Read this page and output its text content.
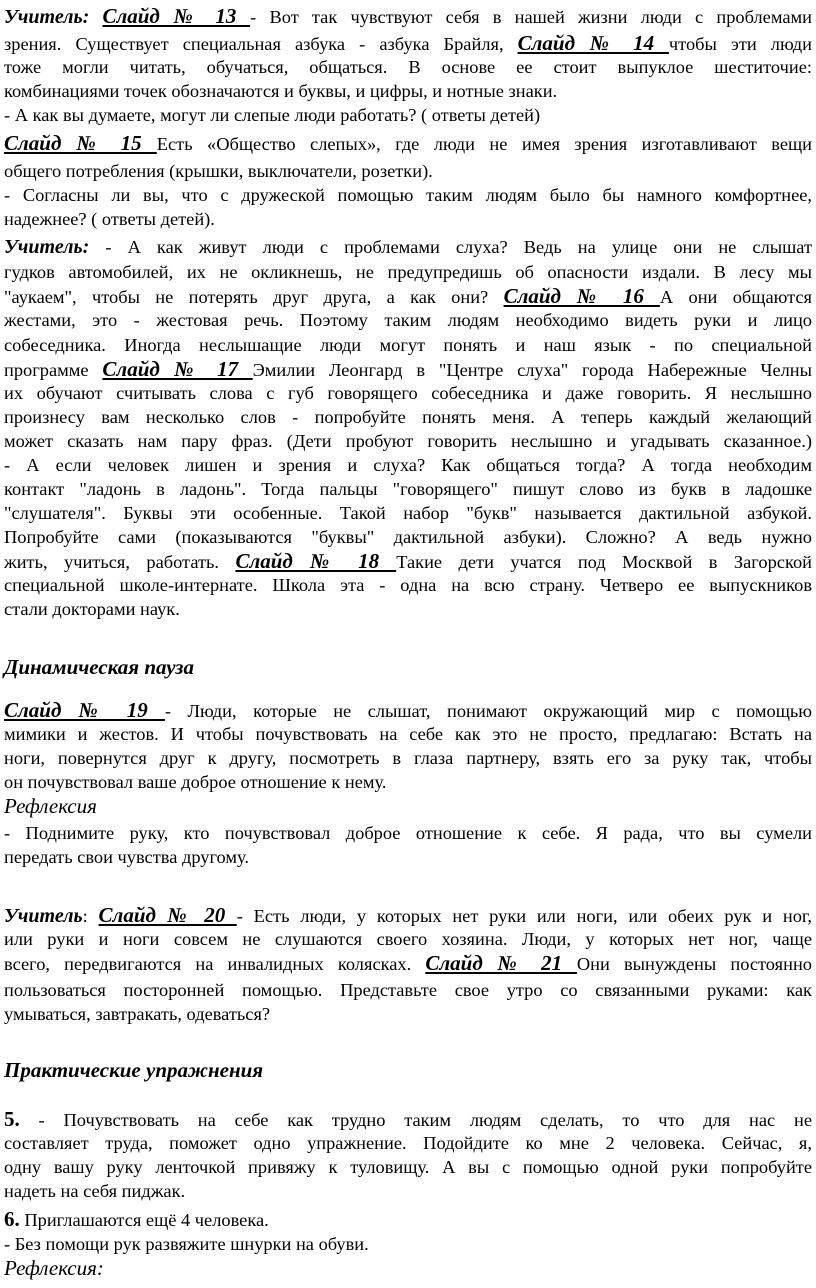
Учитель: Слайд № 13 - Вот так чувствуют себя в нашей жизни люди с проблемами
зрения. Существует специальная азбука - азбука Брайля, Слайд № 14 чтобы эти люди
тоже могли читать, обучаться, общаться. В основе ее стоит выпуклое шеститочие:
комбинациями точек обозначаются и буквы, и цифры, и нотные знаки.
- А как вы думаете, могут ли слепые люди работать? ( ответы детей)
Слайд № 15 Есть «Общество слепых», где люди не имея зрения изготавливают вещи
общего потребления (крышки, выключатели, розетки).
- Согласны ли вы, что с дружеской помощью таким людям было бы намного комфортнее,
надежнее? ( ответы детей).
Учитель: - А как живут люди с проблемами слуха? Ведь на улице они не слышат
гудков автомобилей, их не окликнешь, не предупредишь об опасности издали. В лесу мы
"аукаем", чтобы не потерять друг друга, а как они? Слайд № 16 А они общаются
жестами, это - жестовая речь. Поэтому таким людям необходимо видеть руки и лицо
собеседника. Иногда неслышащие люди могут понять и наш язык - по специальной
программе Слайд № 17 Эмилии Леонгард в "Центре слуха" города Набережные Челны
их обучают считывать слова с губ говорящего собеседника и даже говорить. Я неслышно
произнесу вам несколько слов - попробуйте понять меня. А теперь каждый желающий
может сказать нам пару фраз. (Дети пробуют говорить неслышно и угадывать сказанное.)
- А если человек лишен и зрения и слуха? Как общаться тогда? А тогда необходим
контакт "ладонь в ладонь". Тогда пальцы "говорящего" пишут слово из букв в ладошке
"слушателя". Буквы эти особенные. Такой набор "букв" называется дактильной азбукой.
Попробуйте сами (показываются "буквы" дактильной азбуки). Сложно? А ведь нужно
жить, учиться, работать. Слайд № 18 Такие дети учатся под Москвой в Загорской
специальной школе-интернате. Школа эта - одна на всю страну. Четверо ее выпускников
стали докторами наук.
Динамическая пауза
Слайд № 19 - Люди, которые не слышат, понимают окружающий мир с помощью
мимики и жестов. И чтобы почувствовать на себе как это не просто, предлагаю: Встать на
ноги, повернутся друг к другу, посмотреть в глаза партнеру, взять его за руку так, чтобы
он почувствовал ваше доброе отношение к нему.
Рефлексия
- Поднимите руку, кто почувствовал доброе отношение к себе. Я рада, что вы сумели
передать свои чувства другому.
Учитель: Слайд № 20 - Есть люди, у которых нет руки или ноги, или обеих рук и ног,
или руки и ноги совсем не слушаются своего хозяина. Люди, у которых нет ног, чаще
всего, передвигаются на инвалидных колясках. Слайд № 21 Они вынуждены постоянно
пользоваться посторонней помощью. Представьте свое утро со связанными руками: как
умываться, завтракать, одеваться?
Практические упражнения
5. - Почувствовать на себе как трудно таким людям сделать, то что для нас не
составляет труда, поможет одно упражнение. Подойдите ко мне 2 человека. Сейчас, я,
одну вашу руку ленточкой привяжу к туловищу. А вы с помощью одной руки попробуйте
надеть на себя пиджак.
6. Приглашаются ещё 4 человека.
- Без помощи рук развяжите шнурки на обуви.
Рефлексия:
